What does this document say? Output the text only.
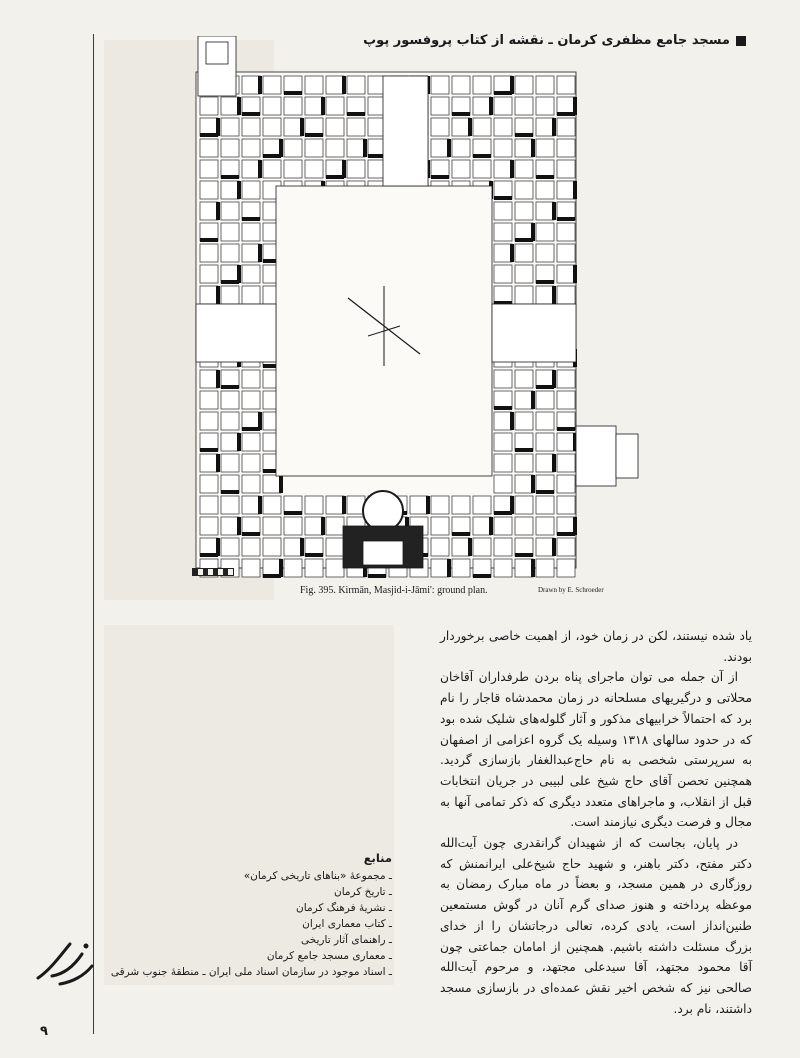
مسجد جامع مظفری کرمان ـ نقشه از کتاب پروفسور پوپ
Fig. 395. Kirmān, Masjid-i-Jāmi': ground plan.	Drawn by E. Schroeder

یاد شده نیستند، لکن در زمان خود، از اهمیت خاصی برخوردار بودند.

از آن جمله می توان ماجرای پناه بردن طرفداران آقاخان محلاتی و درگیریهای مسلحانه در زمان محمدشاه قاجار را نام برد که احتمالاً خرابیهای مذکور و آثار گلوله‌های شلیک شده بود که در حدود سالهای ۱۳۱۸ وسیله یک گروه اعزامی از اصفهان به سرپرستی شخصی به نام حاج‌عبدالغفار بازسازی گردید. همچنین تحصن آقای حاج شیخ علی لبیبی در جریان انتخابات قبل از انقلاب، و ماجراهای متعدد دیگری که ذکر تمامی آنها به مجال و فرصت دیگری نیازمند است.

در پایان، بجاست که از شهیدان گرانقدری چون آیت‌الله دکتر مفتح، دکتر باهنر، و شهید حاج شیخ‌علی ایرانمنش که روزگاری در همین مسجد، و بعضاً در ماه مبارک رمضان به موعظه پرداخته و هنوز صدای گرم آنان در گوش مستمعین طنین‌انداز است، یادی کرده، تعالی درجاتشان را از خدای بزرگ مسئلت داشته باشیم. همچنین از امامان جماعتی چون آقا محمود مجتهد، آقا سیدعلی مجتهد، و مرحوم آیت‌الله صالحی نیز که شخص اخیر نقش عمده‌ای در بازسازی مسجد داشتند، نام برد.

منابع
ـ مجموعهٔ «بناهای تاریخی کرمان»
ـ تاریخ کرمان
ـ نشریهٔ فرهنگ کرمان
ـ کتاب معماری ایران
ـ راهنمای آثار تاریخی
ـ معماری مسجد جامع کرمان
ـ اسناد موجود در سازمان اسناد ملی ایران ـ منطقهٔ جنوب شرقی
۹
